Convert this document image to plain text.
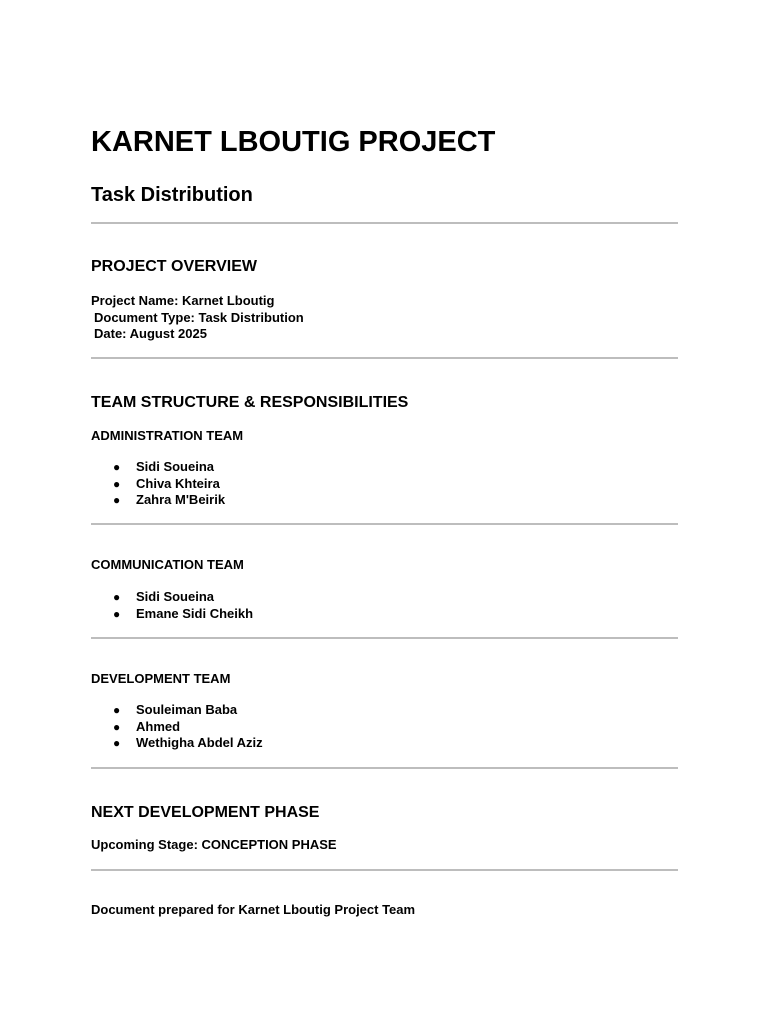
KARNET LBOUTIG PROJECT
Task Distribution
PROJECT OVERVIEW
Project Name: Karnet Lboutig
Document Type: Task Distribution
Date: August 2025
TEAM STRUCTURE & RESPONSIBILITIES
ADMINISTRATION TEAM
● Sidi Soueina
● Chiva Khteira
● Zahra M'Beirik
COMMUNICATION TEAM
● Sidi Soueina
● Emane Sidi Cheikh
DEVELOPMENT TEAM
● Souleiman Baba
● Ahmed
● Wethigha Abdel Aziz
NEXT DEVELOPMENT PHASE
Upcoming Stage: CONCEPTION PHASE
Document prepared for Karnet Lboutig Project Team
